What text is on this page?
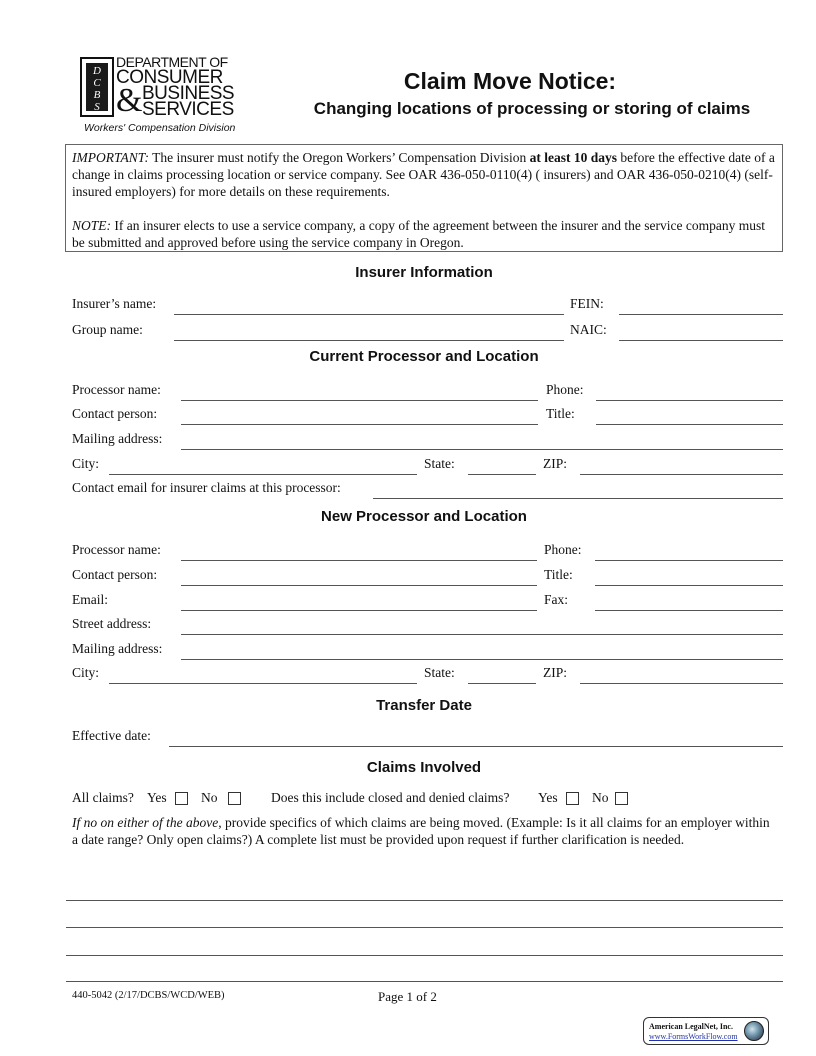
DCBS
DEPARTMENT OF
CONSUMER
& BUSINESS
SERVICES
Workers' Compensation Division
Claim Move Notice:
Changing locations of processing or storing of claims

IMPORTANT: The insurer must notify the Oregon Workers’ Compensation Division at least 10 days before the effective date of a change in claims processing location or service company. See OAR 436-050-0110(4) ( insurers) and OAR 436-050-0210(4) (self-insured employers) for more details on these requirements.

NOTE: If an insurer elects to use a service company, a copy of the agreement between the insurer and the service company must be submitted and approved before using the service company in Oregon.

Insurer Information
Insurer’s name:	FEIN:
Group name:	NAIC:
Current Processor and Location
Processor name:	Phone:
Contact person:	Title:
Mailing address:
City:	State:	ZIP:
Contact email for insurer claims at this processor:
New Processor and Location
Processor name:	Phone:
Contact person:	Title:
Email:	Fax:
Street address:
Mailing address:
City:	State:	ZIP:
Transfer Date
Effective date:
Claims Involved
All claims? Yes	No	Does this include closed and denied claims? Yes	No
If no on either of the above, provide specifics of which claims are being moved. (Example: Is it all claims for an employer within a date range? Only open claims?) A complete list must be provided upon request if further clarification is needed.
440-5042 (2/17/DCBS/WCD/WEB)	Page 1 of 2
American LegalNet, Inc.
www.FormsWorkFlow.com
